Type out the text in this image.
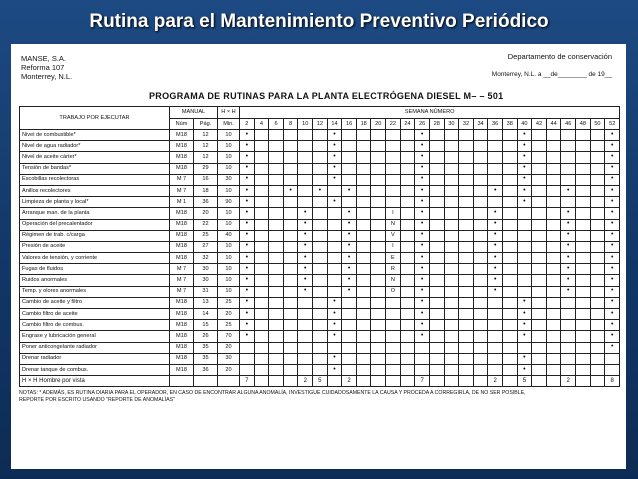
Rutina para el Mantenimiento Preventivo Periódico
MANSE, S.A.
Reforma 107
Monterrey, N.L.
Departamento de conservación
Monterrey, N.L. a __de________ de 19__
PROGRAMA DE RUTINAS PARA LA PLANTA ELECTRÓGENA DIESEL M– – 501
TRABAJO POR EJECUTAR	MANUAL		H × H	SEMANA NÚMERO																									
	Núm	Pág.	Min.	2	4	6	8	10	12	14	16	18	20	22	24	26	28	30	32	34	36	38	40	42	44	46	48	50	52
Nivel de combustible*	M18	12	10	•						•						•							•						•
Nivel de agua radiador*	M18	12	10	•						•						•							•						•
Nivel de aceite cárter*	M18	12	10	•						•						•							•						•
Tensión de bandas*	M18	29	10	•						•						•							•						•
Escobillas recolectoras	M 7	16	30	•						•						•							•						•
Anillos recolectores	M 7	18	10	•			•		•		•					•					•		•			•			•
Limpieza de planta y local*	M 1	36	90	•						•						•							•						•
Arranque man. de la planta	M18	20	10	•				•			•			I		•					•					•			•
Operación del precalentador	M18	22	10	•				•			•			N		•					•					•			•
Régimen de trab. c/carga	M18	25	40	•				•			•			V		•					•					•			•
Presión de aceite	M18	27	10	•				•			•			I		•					•					•			•
Valores de tensión, y corriente	M18	32	10	•				•			•			E		•					•					•			•
Fugas de fluidos	M 7	30	10	•				•			•			R		•					•					•			•
Ruidos anormales	M 7	30	10	•				•			•			N		•					•					•			•
Temp. y olores anormales	M 7	31	10	•				•			•			O		•					•					•			•
Cambio de aceite y filtro	M18	13	25	•						•						•							•						•
Cambio filtro de aceite	M18	14	20	•						•						•							•						•
Cambio filtro de combus.	M18	15	25	•						•						•							•						•
Engrase y lubricación general	M18	26	70	•						•						•							•						•
Poner anticongelante radiador	M18	35	20																										•
Drenar radiador	M18	35	30							•													•						
Drenar tanque de combus.	M18	36	20							•													•						
H × H Hombre por vista				7				2	5		2					7					2		5			2			8
NOTAS: * ADEMÁS, ES RUTINA DIARIA PARA EL OPERADOR, EN CASO DE ENCONTRAR ALGUNA ANOMALÍA, INVESTIGUE CUIDADOSAMENTE LA CAUSA Y PROCEDA A CORREGIRLA, DE NO SER POSIBLE,
REPORTE POR ESCRITO USANDO "REPORTE DE ANOMALÍAS"
